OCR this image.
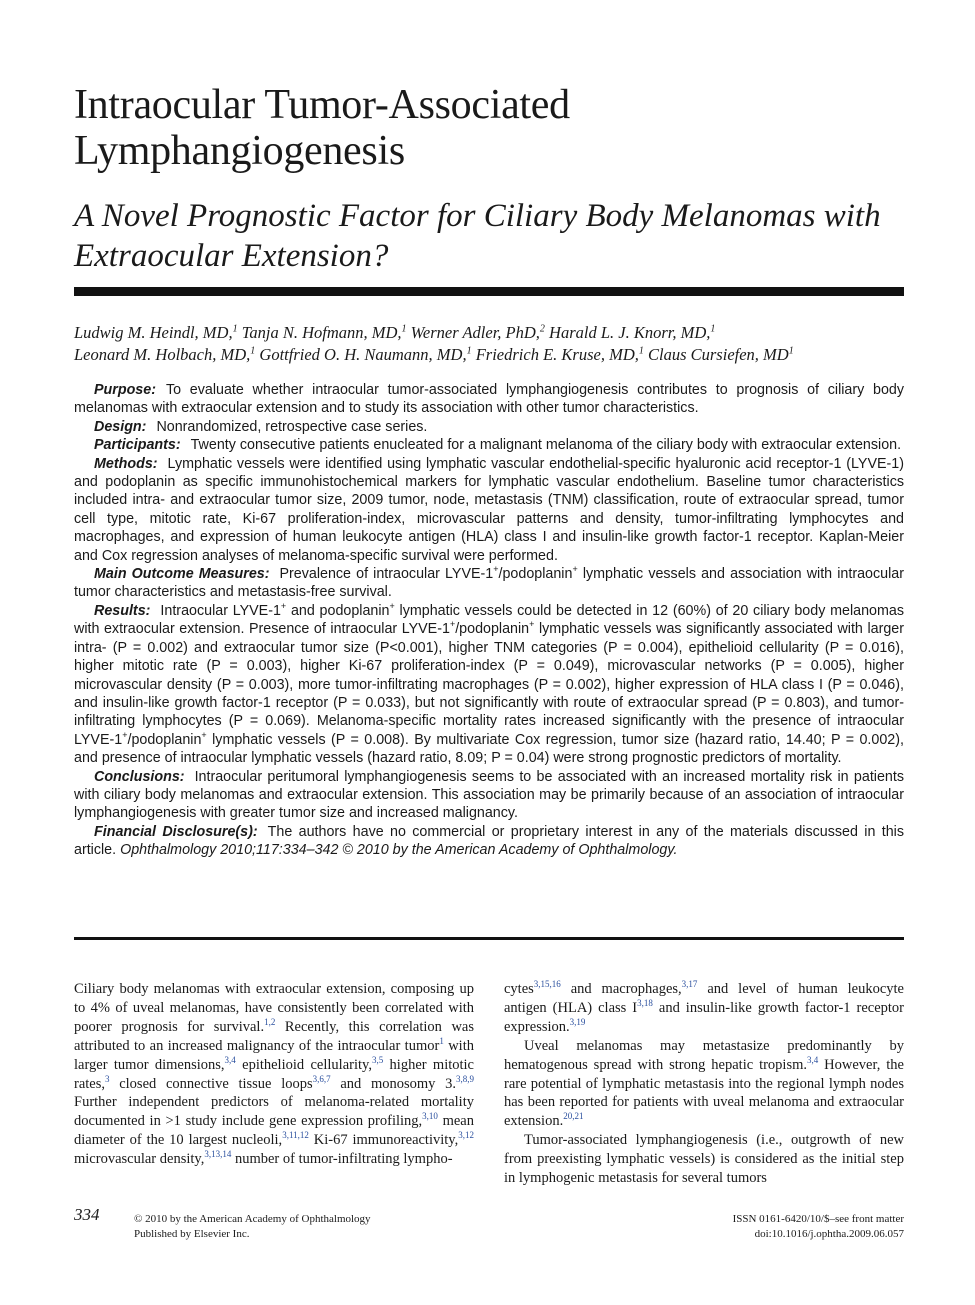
Intraocular Tumor-Associated Lymphangiogenesis
A Novel Prognostic Factor for Ciliary Body Melanomas with Extraocular Extension?
Ludwig M. Heindl, MD,$^1$ Tanja N. Hofmann, MD,$^1$ Werner Adler, PhD,$^2$ Harald L. J. Knorr, MD,$^1$
Leonard M. Holbach, MD,$^1$ Gottfried O. H. Naumann, MD,$^1$ Friedrich E. Kruse, MD,$^1$ Claus Cursiefen, $MD^1$

Purpose: To evaluate whether intraocular tumor-associated lymphangiogenesis contributes to prognosis of ciliary body melanomas with extraocular extension and to study its association with other tumor characteristics.

Design: Nonrandomized, retrospective case series.

Participants: Twenty consecutive patients enucleated for a malignant melanoma of the ciliary body with extraocular extension.

Methods: Lymphatic vessels were identified using lymphatic vascular endothelial-specific hyaluronic acid receptor-1 (LYVE-1) and podoplanin as specific immunohistochemical markers for lymphatic vascular endothelium. Baseline tumor characteristics included intra- and extraocular tumor size, 2009 tumor, node, metastasis (TNM) classification, route of extraocular spread, tumor cell type, mitotic rate, Ki-67 proliferation-index, microvascular patterns and density, tumor-infiltrating lymphocytes and macrophages, and expression of human leukocyte antigen (HLA) class I and insulin-like growth factor-1 receptor. Kaplan-Meier and Cox regression analyses of melanoma-specific survival were performed.

Main Outcome Measures: Prevalence of intraocular LYVE-1+/podoplanin+ lymphatic vessels and association with intraocular tumor characteristics and metastasis-free survival.

Results: Intraocular LYVE-1+ and podoplanin+ lymphatic vessels could be detected in 12 (60%) of 20 ciliary body melanomas with extraocular extension. Presence of intraocular LYVE-1+/podoplanin+ lymphatic vessels was significantly associated with larger intra- (P = 0.002) and extraocular tumor size (P<0.001), higher TNM categories (P = 0.004), epithelioid cellularity (P = 0.016), higher mitotic rate (P = 0.003), higher Ki-67 proliferation-index (P = 0.049), microvascular networks (P = 0.005), higher microvascular density (P = 0.003), more tumor-infiltrating macrophages (P = 0.002), higher expression of HLA class I (P = 0.046), and insulin-like growth factor-1 receptor (P = 0.033), but not significantly with route of extraocular spread (P = 0.803), and tumor-infiltrating lymphocytes (P = 0.069). Melanoma-specific mortality rates increased significantly with the presence of intraocular LYVE-1+/podoplanin+ lymphatic vessels (P = 0.008). By multivariate Cox regression, tumor size (hazard ratio, 14.40; P = 0.002), and presence of intraocular lymphatic vessels (hazard ratio, 8.09; P = 0.04) were strong prognostic predictors of mortality.

Conclusions: Intraocular peritumoral lymphangiogenesis seems to be associated with an increased mortality risk in patients with ciliary body melanomas and extraocular extension. This association may be primarily because of an association of intraocular lymphangiogenesis with greater tumor size and increased malignancy.

Financial Disclosure(s): The authors have no commercial or proprietary interest in any of the materials discussed in this article. Ophthalmology 2010;117:334–342 © 2010 by the American Academy of Ophthalmology.

Ciliary body melanomas with extraocular extension, composing up to 4% of uveal melanomas, have consistently been correlated with poorer prognosis for survival.$^{1,2}$ Recently, this correlation was attributed to an increased malignancy of the intraocular tumor$^1$ with larger tumor dimensions,$^{3,4}$ epithelioid cellularity,$^{3,5}$ higher mitotic rates,$^3$ closed connective tissue loops$^{3,6,7}$ and monosomy 3.$^{3,8,9}$ Further independent predictors of melanoma-related mortality documented in >1 study include gene expression profiling,$^{3,10}$ mean diameter of the 10 largest nucleoli,$^{3,11,12}$ Ki-67 immunoreactivity,$^{3,12}$ microvascular density,$^{3,13,14}$ number of tumor-infiltrating lympho-

cytes$^{3,15,16}$ and macrophages,$^{3,17}$ and level of human leukocyte antigen (HLA) class I$^{3,18}$ and insulin-like growth factor-1 receptor expression.$^{3,19}$

Uveal melanomas may metastasize predominantly by hematogenous spread with strong hepatic tropism.$^{3,4}$ However, the rare potential of lymphatic metastasis into the regional lymph nodes has been reported for patients with uveal melanoma and extraocular extension.$^{20,21}$

Tumor-associated lymphangiogenesis (i.e., outgrowth of new from preexisting lymphatic vessels) is considered as the initial step in lymphogenic metastasis for several tumors

334	© 2010 by the American Academy of Ophthalmology
Published by Elsevier Inc.
ISSN 0161-6420/10/$–see front matter
doi:10.1016/j.ophtha.2009.06.057
